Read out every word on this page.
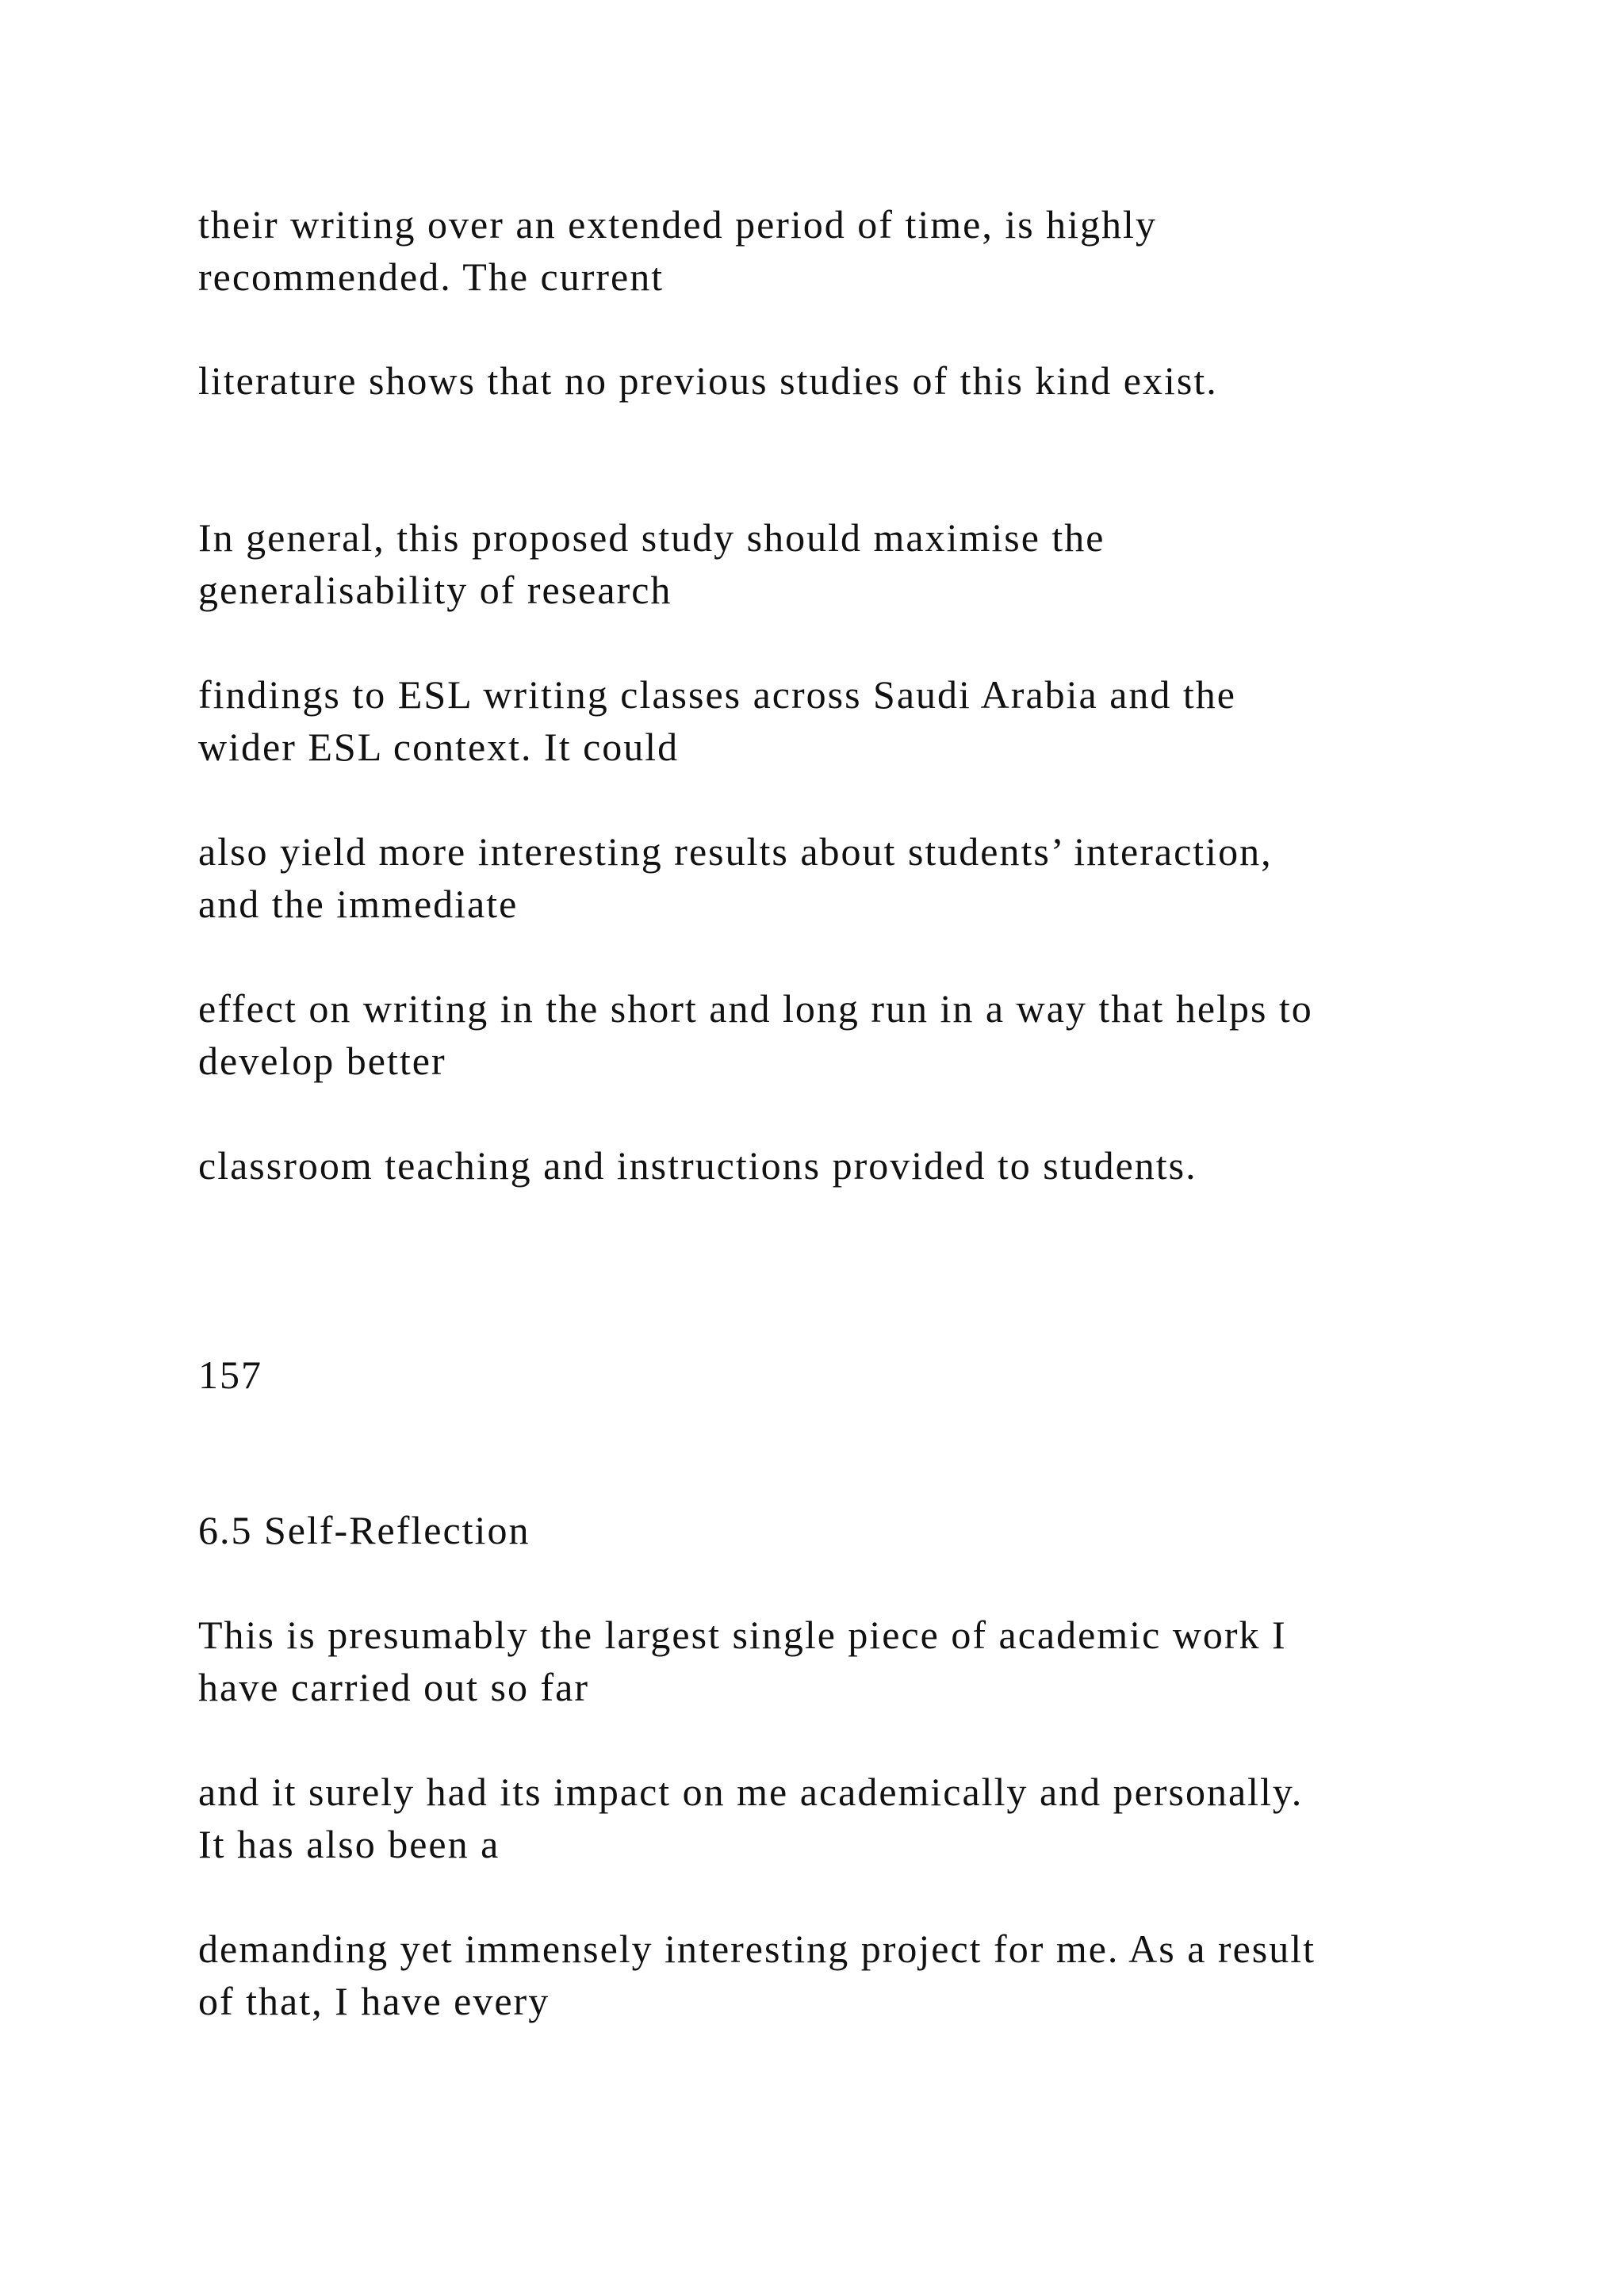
their writing over an extended period of time, is highly
recommended. The current
literature shows that no previous studies of this kind exist.
In general, this proposed study should maximise the
generalisability of research
findings to ESL writing classes across Saudi Arabia and the
wider ESL context. It could
also yield more interesting results about students’ interaction,
and the immediate
effect on writing in the short and long run in a way that helps to
develop better
classroom teaching and instructions provided to students.
157
6.5 Self-Reflection
This is presumably the largest single piece of academic work I
have carried out so far
and it surely had its impact on me academically and personally.
It has also been a
demanding yet immensely interesting project for me. As a result
of that, I have every
